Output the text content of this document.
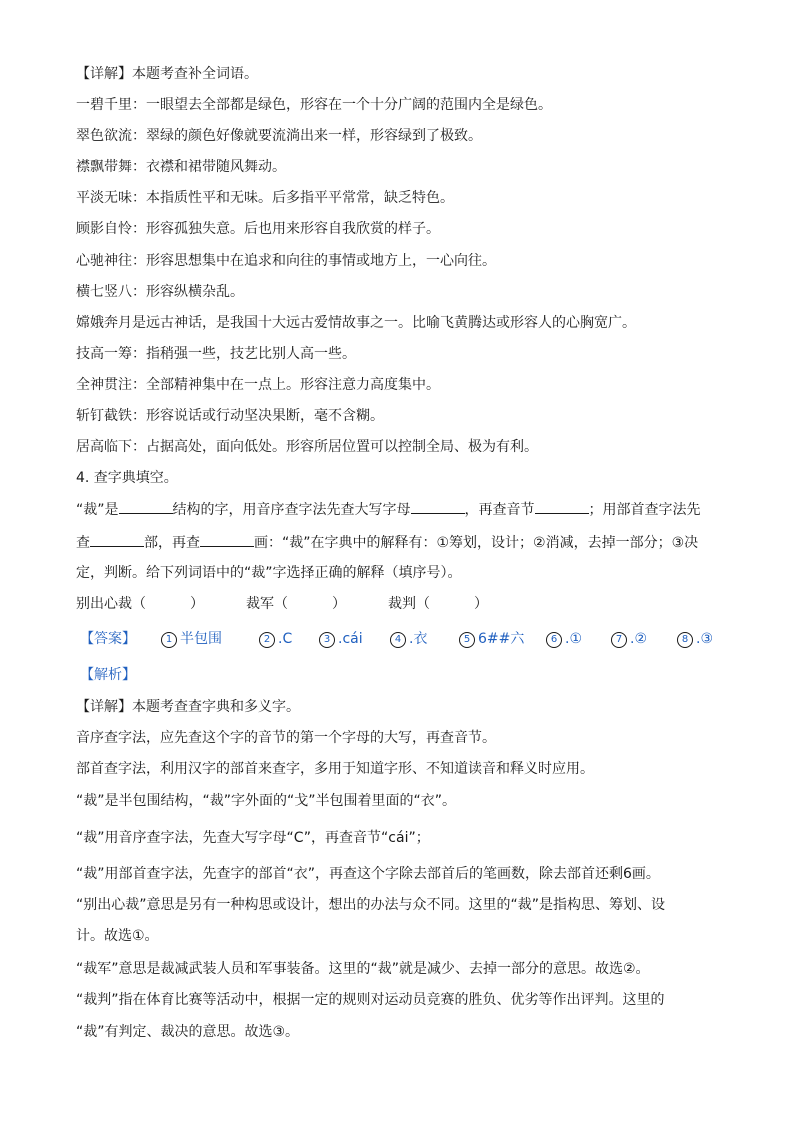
【详解】本题考查补全词语。
一碧千里：一眼望去全部都是绿色，形容在一个十分广阔的范围内全是绿色。
翠色欲流：翠绿的颜色好像就要流淌出来一样，形容绿到了极致。
襟飘带舞：衣襟和裙带随风舞动。
平淡无味：本指质性平和无味。后多指平平常常，缺乏特色。
顾影自怜：形容孤独失意。后也用来形容自我欣赏的样子。
心驰神往：形容思想集中在追求和向往的事情或地方上，一心向往。
横七竖八：形容纵横杂乱。
嫦娥奔月是远古神话，是我国十大远古爱情故事之一。比喻飞黄腾达或形容人的心胸宽广。
技高一筹：指稍强一些，技艺比别人高一些。
全神贯注：全部精神集中在一点上。形容注意力高度集中。
斩钉截铁：形容说话或行动坚决果断，毫不含糊。
居高临下：占据高处，面向低处。形容所居位置可以控制全局、极为有利。
4. 查字典填空。
“裁”是	结构的字，用音序查字法先查大写字母	，再查音节	；用部首查字法先
查	部，再查	画：“裁”在字典中的解释有：①筹划，设计；②消减，去掉一部分；③决
定，判断。给下列词语中的“裁”字选择正确的解释（填序号）。
别出心裁（	）	裁军（	）	裁判（	）
【答案】	1 半包围	2 .C	3 .cái	4 .衣	5 6##六	6 .①	7 .②	8 .③
【解析】
【详解】本题考查查字典和多义字。
音序查字法，应先查这个字的音节的第一个字母的大写，再查音节。
部首查字法，利用汉字的部首来查字，多用于知道字形、不知道读音和释义时应用。
“裁”是半包围结构，“裁”字外面的“戈”半包围着里面的“衣”。
“裁”用音序查字法，先查大写字母“C”，再查音节“cái”；
“裁”用部首查字法，先查字的部首“衣”，再查这个字除去部首后的笔画数，除去部首还剩6画。
“别出心裁”意思是另有一种构思或设计，想出的办法与众不同。这里的“裁”是指构思、筹划、设
计。故选①。
“裁军”意思是裁减武装人员和军事装备。这里的“裁”就是减少、去掉一部分的意思。故选②。
“裁判”指在体育比赛等活动中，根据一定的规则对运动员竞赛的胜负、优劣等作出评判。这里的
“裁”有判定、裁决的意思。故选③。
